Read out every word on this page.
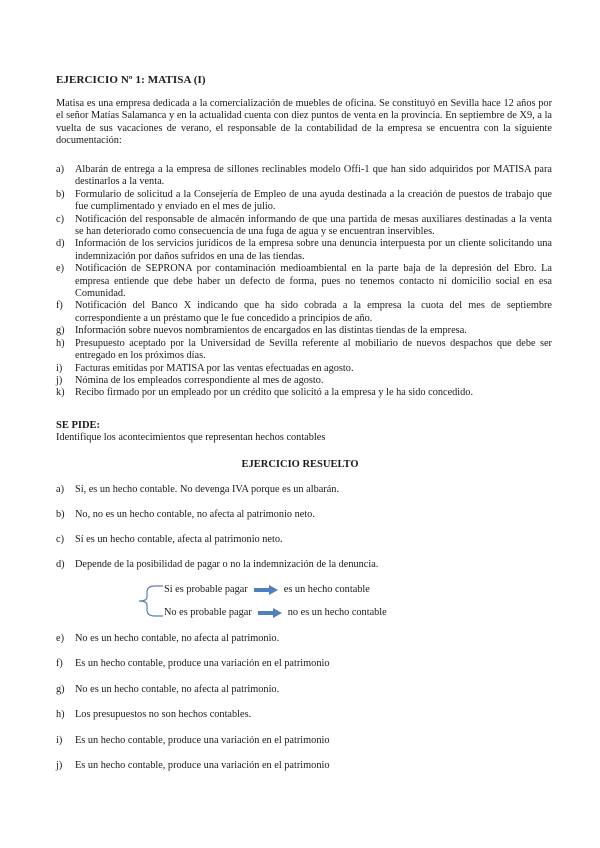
EJERCICIO Nº 1: MATISA (I)

Matisa es una empresa dedicada a la comercialización de muebles de oficina. Se constituyó en Sevilla hace 12 años por el señor Matías Salamanca y en la actualidad cuenta con diez puntos de venta en la provincia. En septiembre de X9, a la vuelta de sus vacaciones de verano, el responsable de la contabilidad de la empresa se encuentra con la siguiente documentación:

a)	Albarán de entrega a la empresa de sillones reclinables modelo Offi-1 que han sido adquiridos por MATISA para destinarlos a la venta.
b)	Formulario de solicitud a la Consejería de Empleo de una ayuda destinada a la creación de puestos de trabajo que fue cumplimentado y enviado en el mes de julio.
c)	Notificación del responsable de almacén informando de que una partida de mesas auxiliares destinadas a la venta se han deteriorado como consecuencia de una fuga de agua y se encuentran inservibles.
d)	Información de los servicios jurídicos de la empresa sobre una denuncia interpuesta por un cliente solicitando una indemnización por daños sufridos en una de las tiendas.
e)	Notificación de SEPRONA por contaminación medioambiental en la parte baja de la depresión del Ebro. La empresa entiende que debe haber un defecto de forma, pues no tenemos contacto ni domicilio social en esa Comunidad.
f)	Notificación del Banco X indicando que ha sido cobrada a la empresa la cuota del mes de septiembre correspondiente a un préstamo que le fue concedido a principios de año.
g)	Información sobre nuevos nombramientos de encargados en las distintas tiendas de la empresa.
h)	Presupuesto aceptado por la Universidad de Sevilla referente al mobiliario de nuevos despachos que debe ser entregado en los próximos días.
i)	Facturas emitidas por MATISA por las ventas efectuadas en agosto.
j)	Nómina de los empleados correspondiente al mes de agosto.
k)	Recibo firmado por un empleado por un crédito que solicitó a la empresa y le ha sido concedido.
SE PIDE:
Identifique los acontecimientos que representan hechos contables
EJERCICIO RESUELTO
a)	Sí, es un hecho contable. No devenga IVA porque es un albarán.
b)	No, no es un hecho contable, no afecta al patrimonio neto.
c)	Sí es un hecho contable, afecta al patrimonio neto.
d)	Depende de la posibilidad de pagar o no la indemnización de la denuncia.
Si es probable pagar	es un hecho contable
No es probable pagar	no es un hecho contable
e)	No es un hecho contable, no afecta al patrimonio.
f)	Es un hecho contable, produce una variación en el patrimonio
g)	No es un hecho contable, no afecta al patrimonio.
h)	Los presupuestos no son hechos contables.
i)	Es un hecho contable, produce una variación en el patrimonio
j)	Es un hecho contable, produce una variación en el patrimonio
